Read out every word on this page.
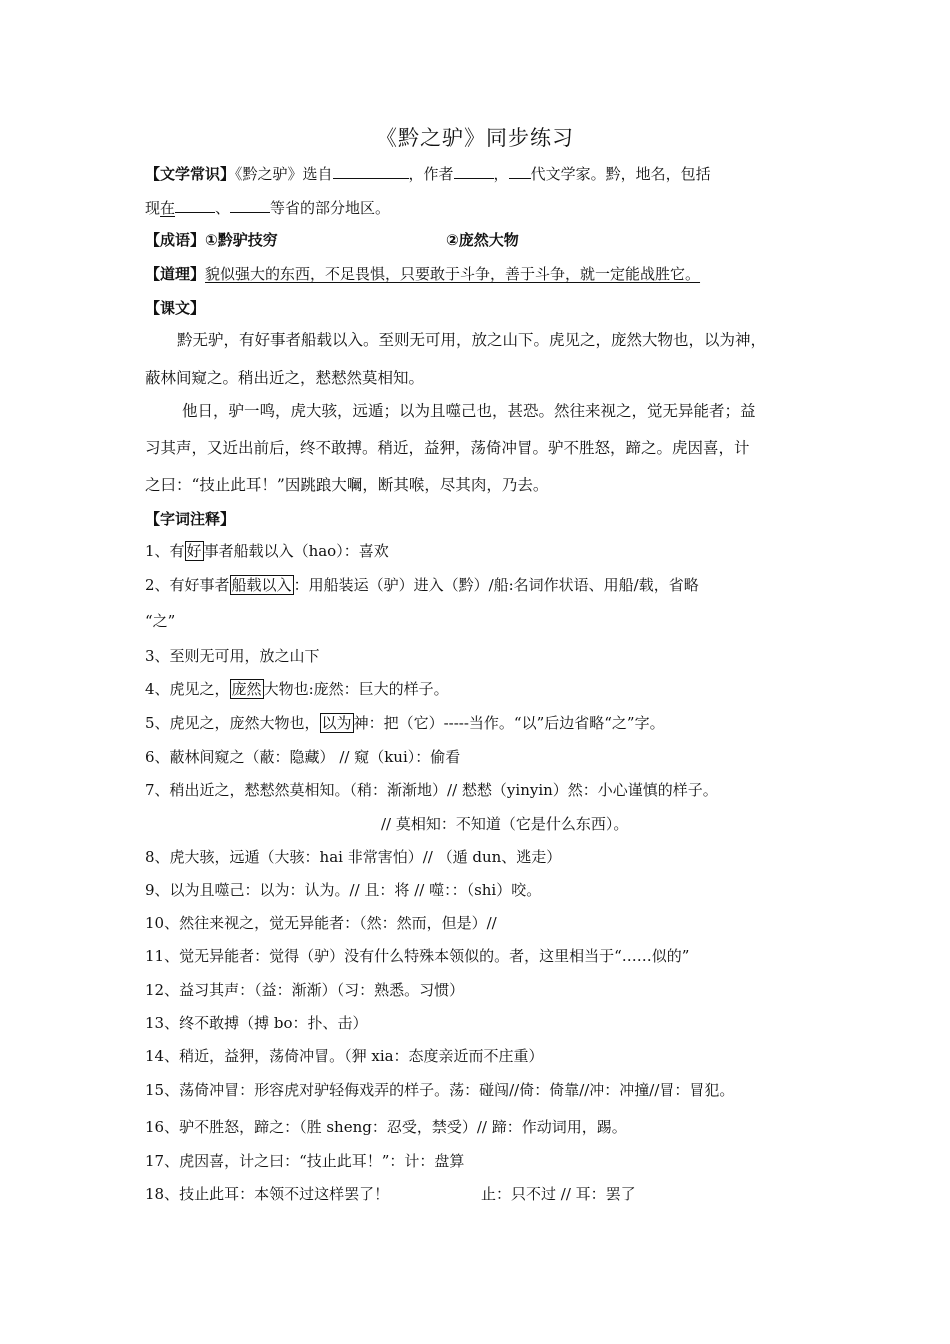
《黔之驴》同步练习
【文学常识】《黔之驴》选自	，作者	， 代文学家。黔，地名，包括
现在	、	等省的部分地区。
【成语】①黔驴技穷	②庞然大物
【道理】貌似强大的东西，不足畏惧，只要敢于斗争，善于斗争，就一定能战胜它。
【课文】
黔无驴，有好事者船载以入。至则无可用，放之山下。虎见之，庞然大物也，以为神，
蔽林间窥之。稍出近之，慭慭然莫相知。
他日，驴一鸣，虎大骇，远遁；以为且噬己也，甚恐。然往来视之，觉无异能者；益
习其声，又近出前后，终不敢搏。稍近，益狎，荡倚冲冒。驴不胜怒，蹄之。虎因喜，计
之曰：“技止此耳！”因跳踉大㘎，断其喉，尽其肉，乃去。
【字词注释】
1、有 好 事者船载以入（hao）：喜欢
2、有好事者 船载以入 ：用船装运（驴）进入（黔）/船:名词作状语、用船/载，省略
“之”
3、至则无可用，放之山下
4、虎见之， 庞然 大物也:庞然：巨大的样子。
5、虎见之，庞然大物也， 以为 神：把（它）-----当作。“以”后边省略“之”字。
6、蔽林间窥之（蔽：隐藏） // 窥（kui）：偷看
7、稍出近之，慭慭然莫相知。（稍：渐渐地）// 慭慭（yinyin）然：小心谨慎的样子。
// 莫相知：不知道（它是什么东西）。
8、虎大骇，远遁（大骇：hai 非常害怕）// （遁 dun、逃走）
9、以为且噬己：以为：认为。// 且：将 // 噬：：（shi）咬。
10、然往来视之，觉无异能者：（然：然而，但是）//
11、觉无异能者：觉得（驴）没有什么特殊本领似的。者，这里相当于“……似的”
12、益习其声：（益：渐渐）（习：熟悉。习惯）
13、终不敢搏（搏 bo：扑、击）
14、稍近，益狎，荡倚冲冒。（狎 xia：态度亲近而不庄重）
15、荡倚冲冒：形容虎对驴轻侮戏弄的样子。荡：碰闯//倚：倚靠//冲：冲撞//冒：冒犯。
16、驴不胜怒，蹄之：（胜 sheng：忍受，禁受）// 蹄：作动词用，踢。
17、虎因喜，计之曰：“技止此耳！”：计：盘算
18、技止此耳：本领不过这样罢了！	止：只不过 // 耳：罢了
